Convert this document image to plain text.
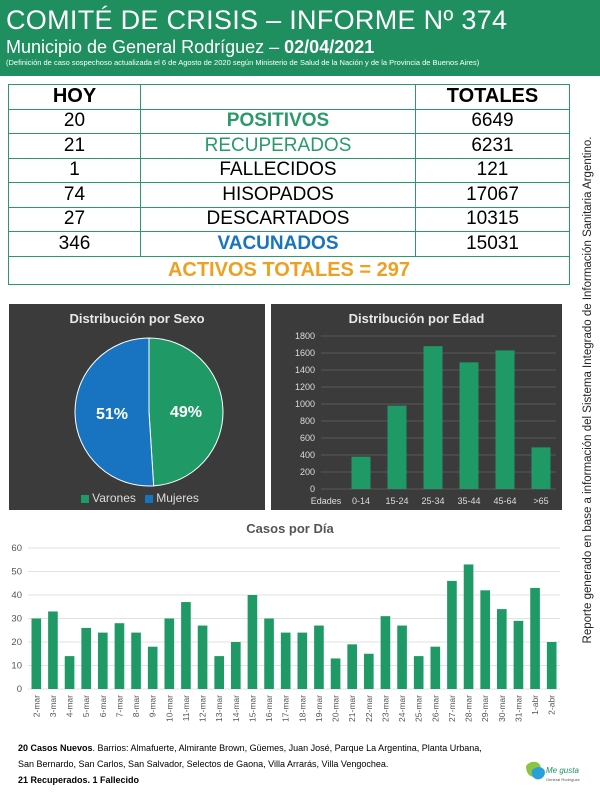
COMITÉ DE CRISIS – INFORME Nº 374
Municipio de General Rodríguez – 02/04/2021
(Definición de caso sospechoso actualizada el 6 de Agosto de 2020 según Ministerio de Salud de la Nación y de la Provincia de Buenos Aires)
Reporte generado en base a información del Sistema Integrado de Información Sanitaria Argentino.
HOY		TOTALES
20	POSITIVOS	6649
21	RECUPERADOS	6231
1	FALLECIDOS	121
74	HISOPADOS	17067
27	DESCARTADOS	10315
346	VACUNADOS	15031
ACTIVOS TOTALES = 297		
Distribución por Sexo
49%
51%
Varones Mujeres
Distribución por Edad
0
200
400
600
800
1000
1200
1400
1600
1800
Edades 0-14 15-24 25-34 35-44 45-64 >65
Casos por Día
0
10
20
30
40
50
60
2-mar 3-mar 4-mar 5-mar 6-mar 7-mar 8-mar 9-mar 10-mar 11-mar 12-mar 13-mar 14-mar 15-mar 16-mar 17-mar 18-mar 19-mar 20-mar 21-mar 22-mar 23-mar 24-mar 25-mar 26-mar 27-mar 28-mar 29-mar 30-mar 31-mar 1-abr 2-abr
20 Casos Nuevos. Barrios: Almafuerte, Almirante Brown, Güemes, Juan José, Parque La Argentina, Planta Urbana,
San Bernardo, San Carlos, San Salvador, Selectos de Gaona, Villa Arrarás, Villa Vengochea.
21 Recuperados. 1 Fallecido
Me gusta
General Rodríguez
